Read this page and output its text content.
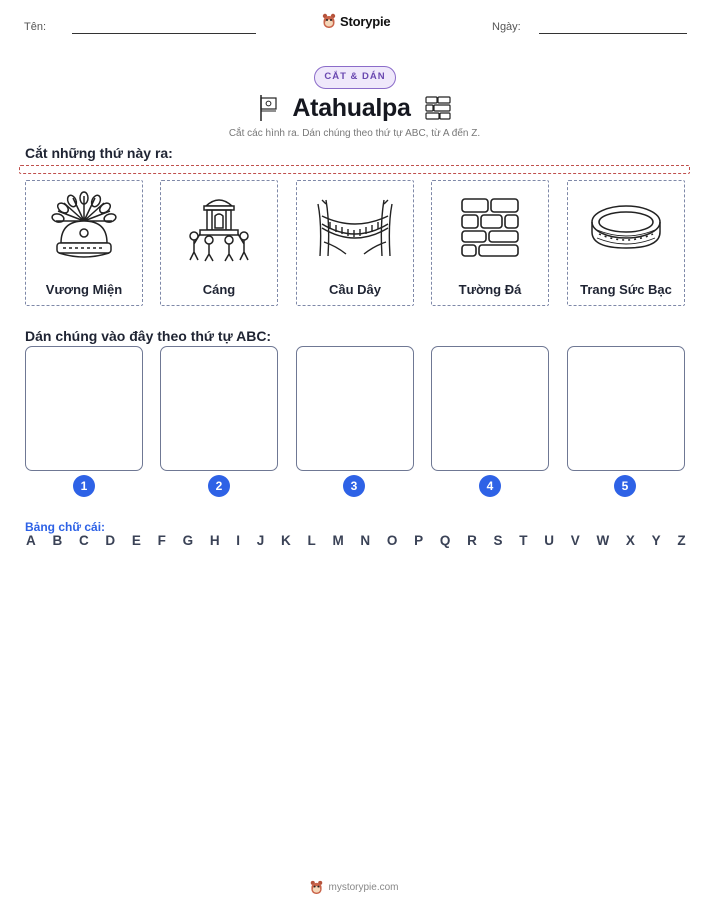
Tên:	Storypie	Ngày:
CẮT & DÁN
Atahualpa
Cắt các hình ra. Dán chúng theo thứ tự ABC, từ A đến Z.
Cắt những thứ này ra:
Vương Miện	Cáng	Cầu Dây	Tường Đá	Trang Sức Bạc
Dán chúng vào đây theo thứ tự ABC:
1	2	3	4	5
Bảng chữ cái:
A B C D E F G H I J K L M N O P Q R S T U V W X Y Z
mystorypie.com
